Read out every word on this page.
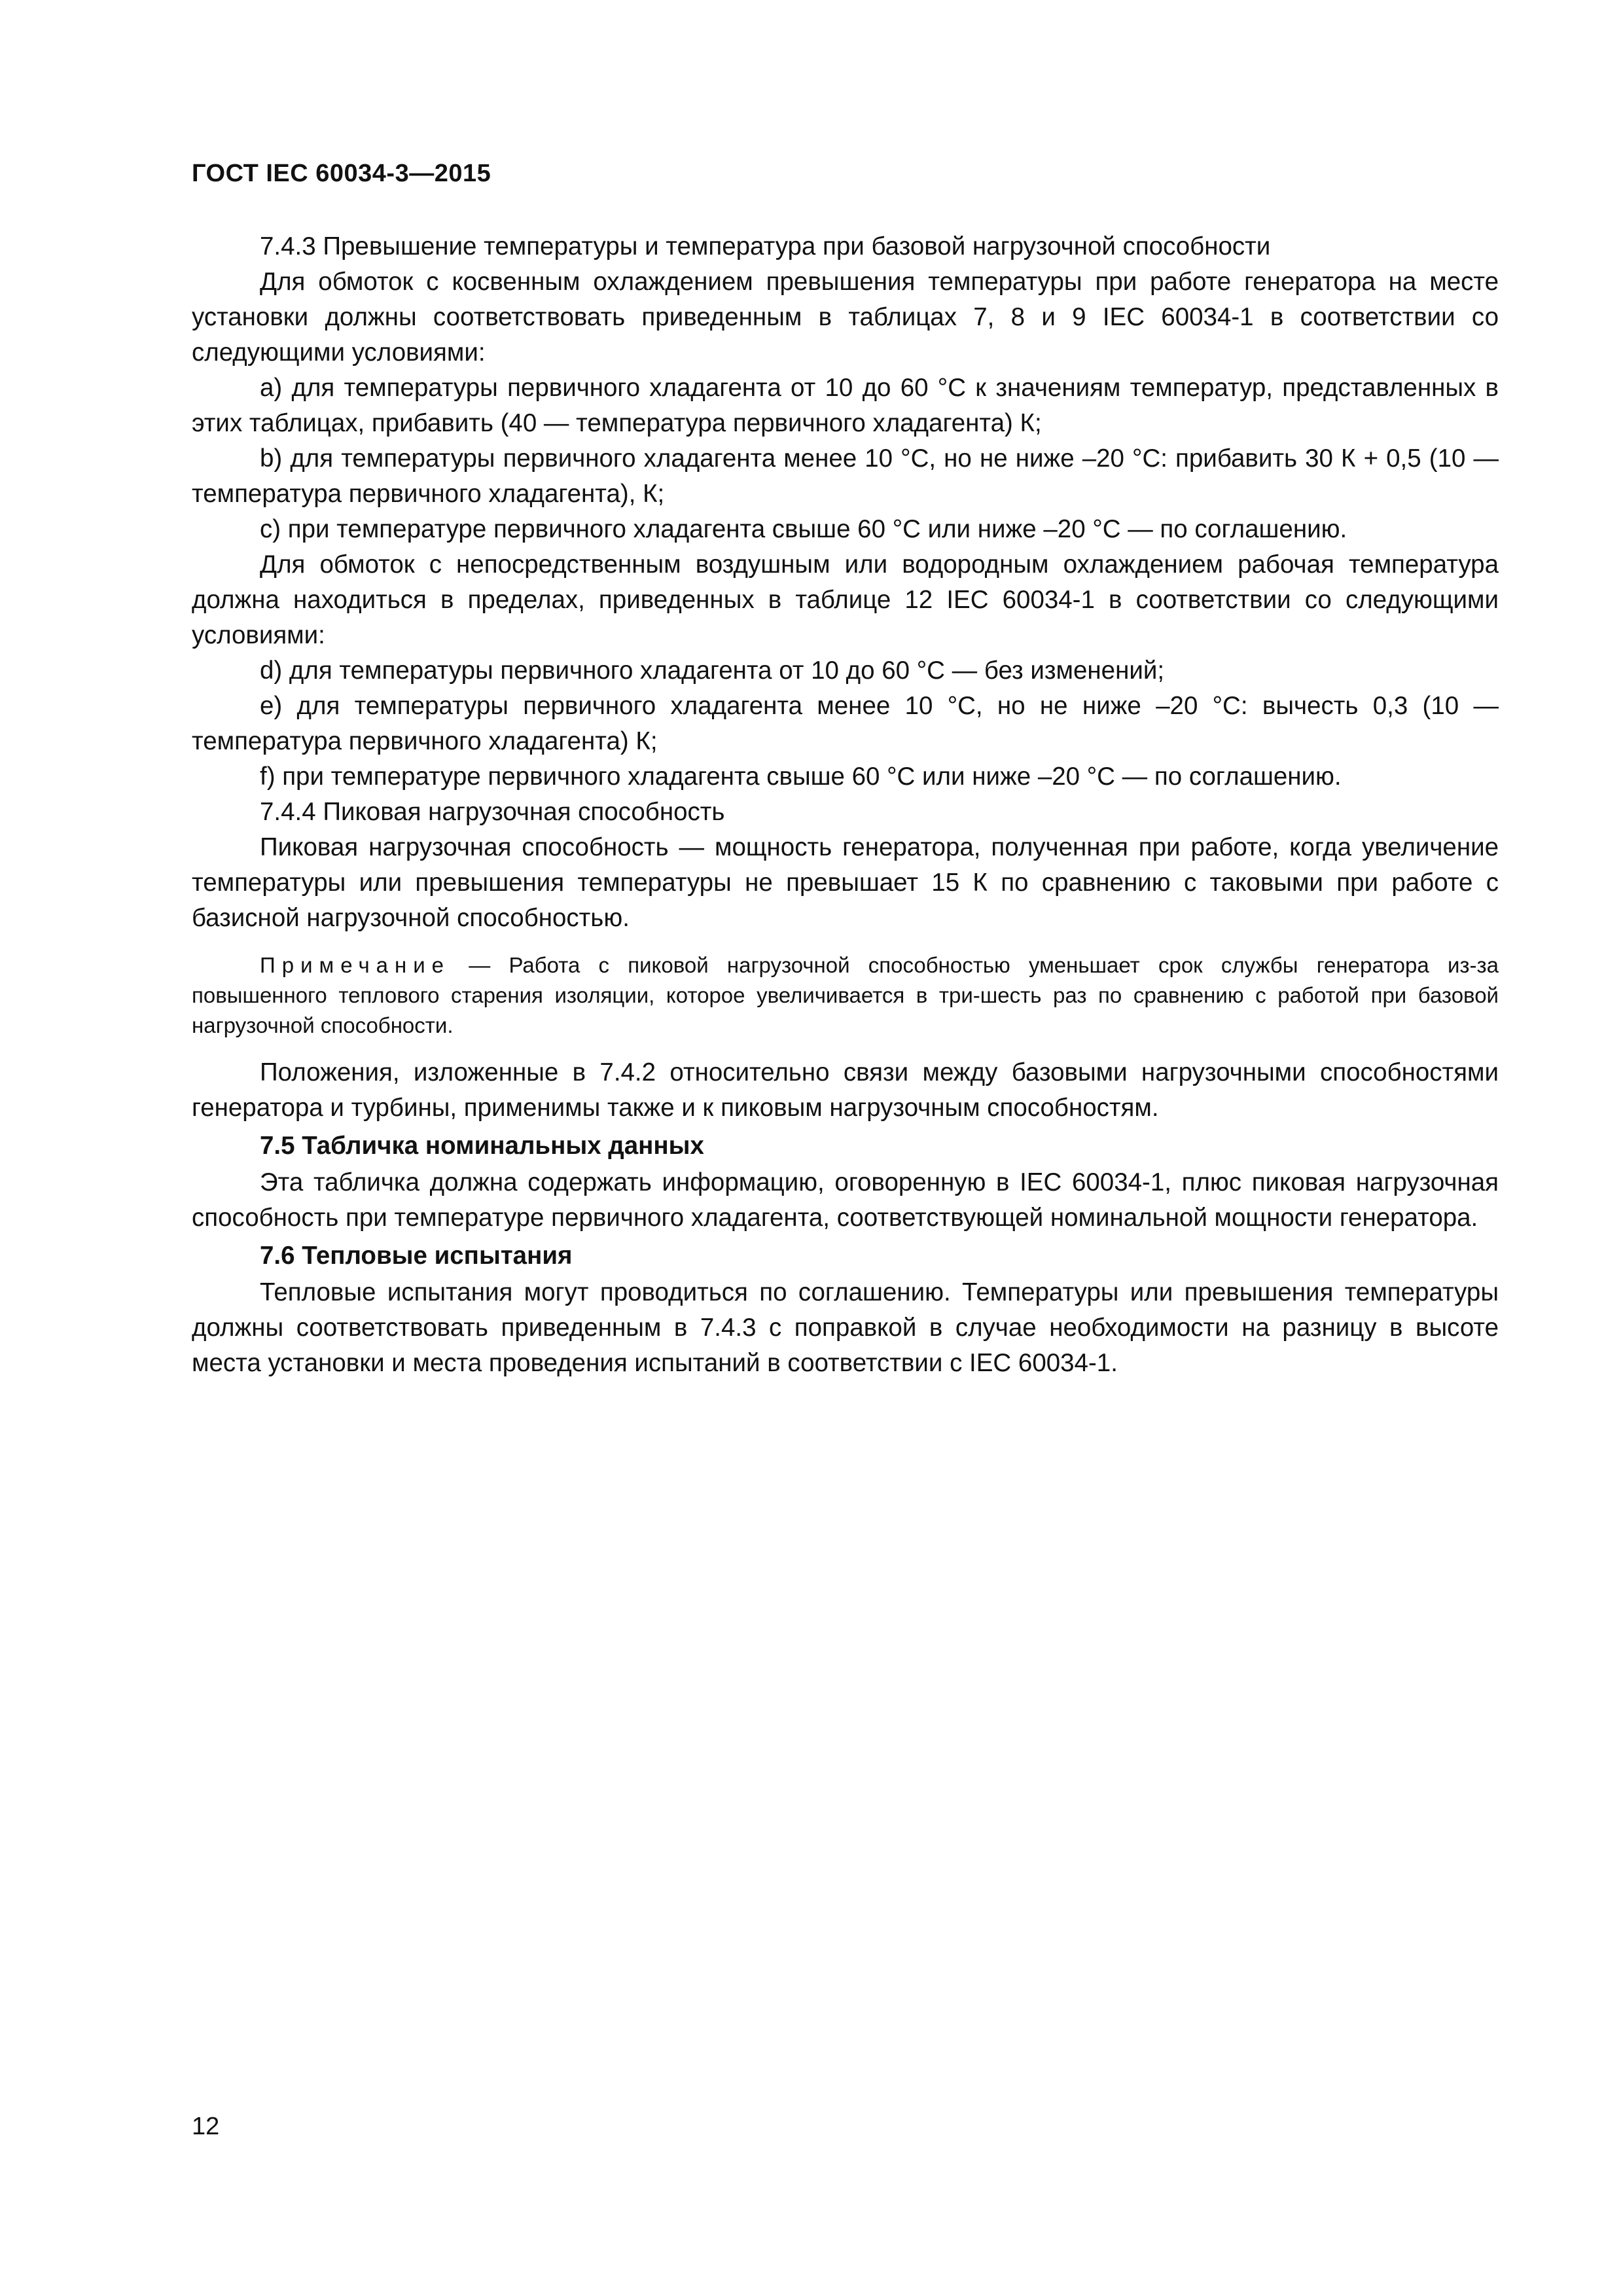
ГОСТ IEC 60034-3—2015

7.4.3 Превышение температуры и температура при базовой нагрузочной способности

Для обмоток с косвенным охлаждением превышения температуры при работе генератора на месте установки должны соответствовать приведенным в таблицах 7, 8 и 9 IEC 60034-1 в соответствии со следующими условиями:

a) для температуры первичного хладагента от 10 до 60 °С к значениям температур, представленных в этих таблицах, прибавить (40 — температура первичного хладагента) К;

b) для температуры первичного хладагента менее 10 °С, но не ниже –20 °С: прибавить 30 К + 0,5 (10 — температура первичного хладагента), К;

c) при температуре первичного хладагента свыше 60 °С или ниже –20 °С — по соглашению.

Для обмоток с непосредственным воздушным или водородным охлаждением рабочая температура должна находиться в пределах, приведенных в таблице 12 IEC 60034-1 в соответствии со следующими условиями:

d) для температуры первичного хладагента от 10 до 60 °С — без изменений;

e) для температуры первичного хладагента менее 10 °С, но не ниже –20 °С: вычесть 0,3 (10 — температура первичного хладагента) К;

f) при температуре первичного хладагента свыше 60 °С или ниже –20 °С — по соглашению.

7.4.4 Пиковая нагрузочная способность

Пиковая нагрузочная способность — мощность генератора, полученная при работе, когда увеличение температуры или превышения температуры не превышает 15 К по сравнению с таковыми при работе с базисной нагрузочной способностью.

Примечание — Работа с пиковой нагрузочной способностью уменьшает срок службы генератора из-за повышенного теплового старения изоляции, которое увеличивается в три-шесть раз по сравнению с работой при базовой нагрузочной способности.

Положения, изложенные в 7.4.2 относительно связи между базовыми нагрузочными способностями генератора и турбины, применимы также и к пиковым нагрузочным способностям.

7.5 Табличка номинальных данных

Эта табличка должна содержать информацию, оговоренную в IEC 60034-1, плюс пиковая нагрузочная способность при температуре первичного хладагента, соответствующей номинальной мощности генератора.

7.6 Тепловые испытания

Тепловые испытания могут проводиться по соглашению. Температуры или превышения температуры должны соответствовать приведенным в 7.4.3 с поправкой в случае необходимости на разницу в высоте места установки и места проведения испытаний в соответствии с IEC 60034-1.

12
